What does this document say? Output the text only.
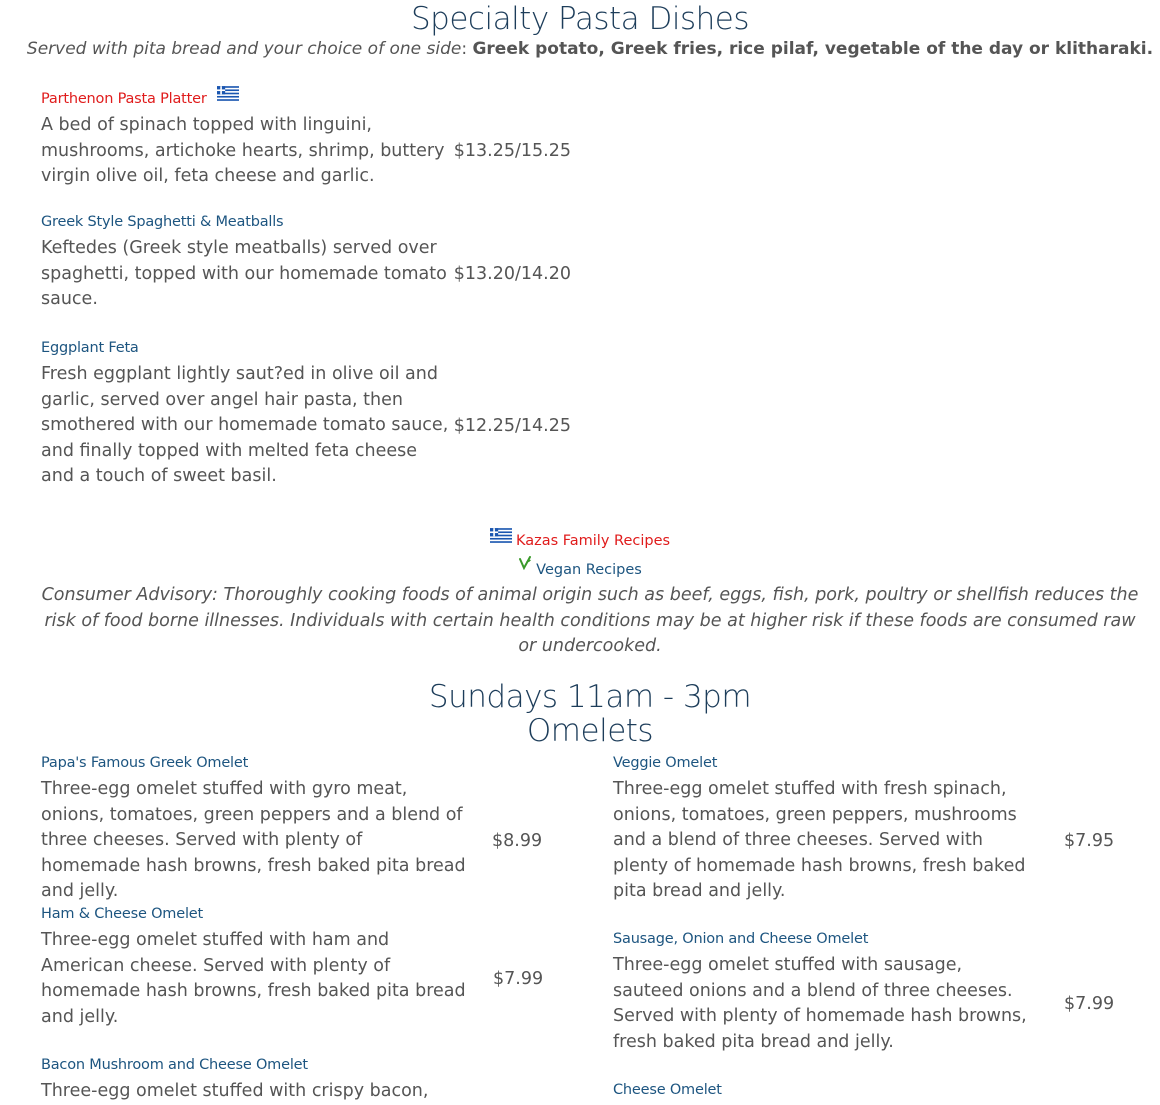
Specialty Pasta Dishes
Served with pita bread and your choice of one side: Greek potato, Greek fries, rice pilaf, vegetable of the day or klitharaki.
Parthenon Pasta Platter
A bed of spinach topped with linguini, mushrooms, artichoke hearts, shrimp, buttery virgin olive oil, feta cheese and garlic.
$13.25/15.25
Greek Style Spaghetti & Meatballs
Keftedes (Greek style meatballs) served over spaghetti, topped with our homemade tomato sauce.
$13.20/14.20
Eggplant Feta
Fresh eggplant lightly saut?ed in olive oil and garlic, served over angel hair pasta, then smothered with our homemade tomato sauce, and finally topped with melted feta cheese and a touch of sweet basil.
$12.25/14.25
Kazas Family Recipes
Vegan Recipes
Consumer Advisory: Thoroughly cooking foods of animal origin such as beef, eggs, fish, pork, poultry or shellfish reduces the risk of food borne illnesses. Individuals with certain health conditions may be at higher risk if these foods are consumed raw or undercooked.
Sundays 11am - 3pm
Omelets
Papa's Famous Greek Omelet
Three-egg omelet stuffed with gyro meat, onions, tomatoes, green peppers and a blend of three cheeses. Served with plenty of homemade hash browns, fresh baked pita bread and jelly.
$8.99
Ham & Cheese Omelet
Three-egg omelet stuffed with ham and American cheese. Served with plenty of homemade hash browns, fresh baked pita bread and jelly.
$7.99
Bacon Mushroom and Cheese Omelet
Three-egg omelet stuffed with crispy bacon,
Veggie Omelet
Three-egg omelet stuffed with fresh spinach, onions, tomatoes, green peppers, mushrooms and a blend of three cheeses. Served with plenty of homemade hash browns, fresh baked pita bread and jelly.
$7.95
Sausage, Onion and Cheese Omelet
Three-egg omelet stuffed with sausage, sauteed onions and a blend of three cheeses. Served with plenty of homemade hash browns, fresh baked pita bread and jelly.
$7.99
Cheese Omelet
